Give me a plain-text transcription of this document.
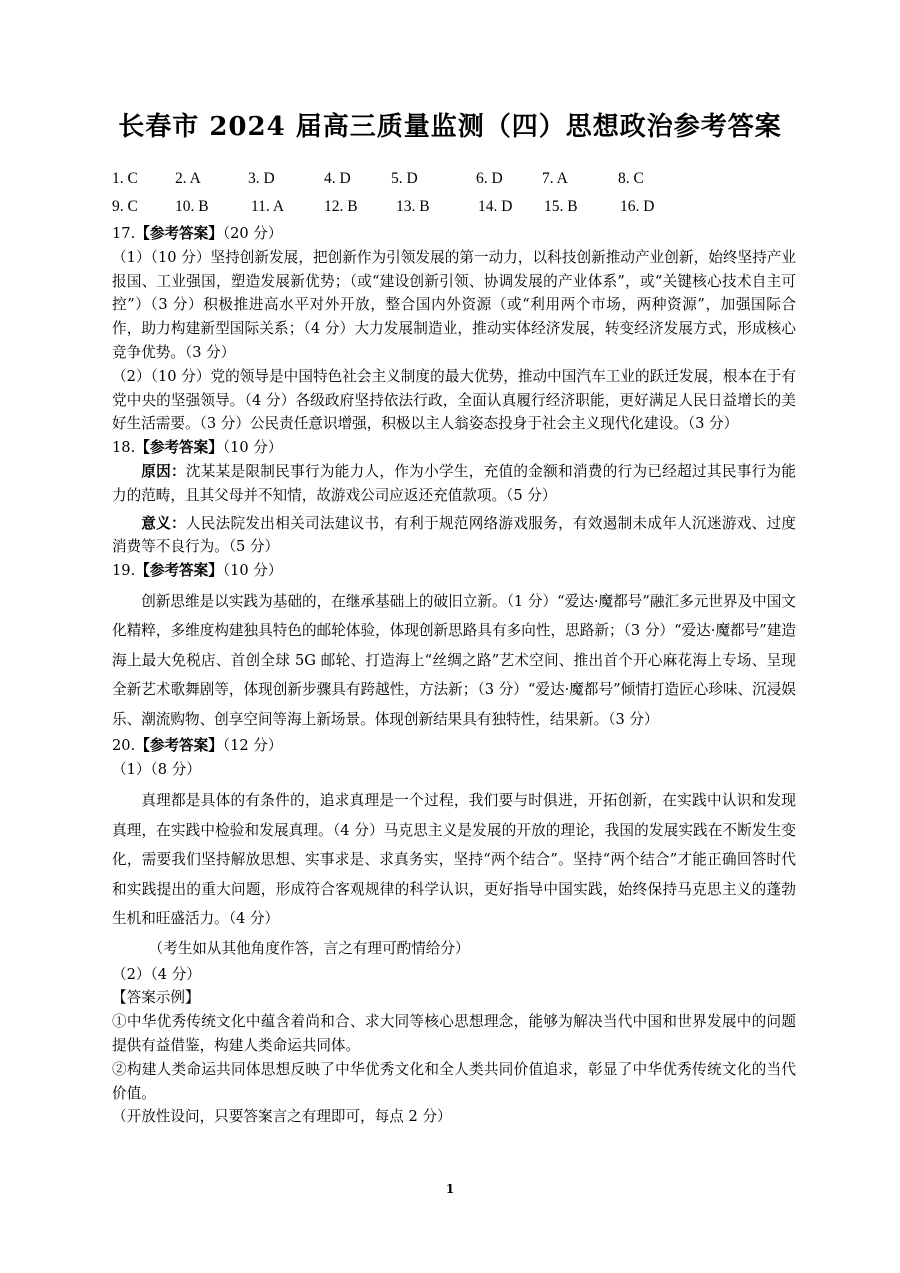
长春市 2024 届高三质量监测（四）思想政治参考答案
1. C 2. A	3. D	4. D	5. D	6. D	7. A	8. C
9. C 10. B	11. A	12. B 13. B	14. D 15. B	16. D

17.【参考答案】（20 分）

（1）（10 分）坚持创新发展，把创新作为引领发展的第一动力，以科技创新推动产业创新，始终坚持产业报国、工业强国，塑造发展新优势；（或“建设创新引领、协调发展的产业体系”，或“关键核心技术自主可控”）（3 分）积极推进高水平对外开放，整合国内外资源（或“利用两个市场，两种资源”，加强国际合作，助力构建新型国际关系；（4 分）大力发展制造业，推动实体经济发展，转变经济发展方式，形成核心竞争优势。（3 分）

（2）（10 分）党的领导是中国特色社会主义制度的最大优势，推动中国汽车工业的跃迁发展，根本在于有党中央的坚强领导。（4 分）各级政府坚持依法行政，全面认真履行经济职能，更好满足人民日益增长的美好生活需要。（3 分）公民责任意识增强，积极以主人翁姿态投身于社会主义现代化建设。（3 分）

18.【参考答案】（10 分）

原因：沈某某是限制民事行为能力人，作为小学生，充值的金额和消费的行为已经超过其民事行为能力的范畴，且其父母并不知情，故游戏公司应返还充值款项。（5 分）

意义：人民法院发出相关司法建议书，有利于规范网络游戏服务，有效遏制未成年人沉迷游戏、过度消费等不良行为。（5 分）

19.【参考答案】（10 分）

创新思维是以实践为基础的，在继承基础上的破旧立新。（1 分）“爱达·魔都号”融汇多元世界及中国文化精粹，多维度构建独具特色的邮轮体验，体现创新思路具有多向性，思路新；（3 分）“爱达·魔都号”建造海上最大免税店、首创全球 5G 邮轮、打造海上“丝绸之路”艺术空间、推出首个开心麻花海上专场、呈现全新艺术歌舞剧等，体现创新步骤具有跨越性，方法新；（3 分）“爱达·魔都号”倾情打造匠心珍味、沉浸娱乐、潮流购物、创享空间等海上新场景。体现创新结果具有独特性，结果新。（3 分）

20.【参考答案】（12 分）

（1）（8 分）

真理都是具体的有条件的，追求真理是一个过程，我们要与时俱进，开拓创新，在实践中认识和发现真理，在实践中检验和发展真理。（4 分）马克思主义是发展的开放的理论，我国的发展实践在不断发生变化，需要我们坚持解放思想、实事求是、求真务实，坚持“两个结合”。坚持“两个结合”才能正确回答时代和实践提出的重大问题，形成符合客观规律的科学认识，更好指导中国实践，始终保持马克思主义的蓬勃生机和旺盛活力。（4 分）

（考生如从其他角度作答，言之有理可酌情给分）

（2）（4 分）

【答案示例】

①中华优秀传统文化中蕴含着尚和合、求大同等核心思想理念，能够为解决当代中国和世界发展中的问题提供有益借鉴，构建人类命运共同体。

②构建人类命运共同体思想反映了中华优秀文化和全人类共同价值追求，彰显了中华优秀传统文化的当代价值。

（开放性设问，只要答案言之有理即可，每点 2 分）

1
